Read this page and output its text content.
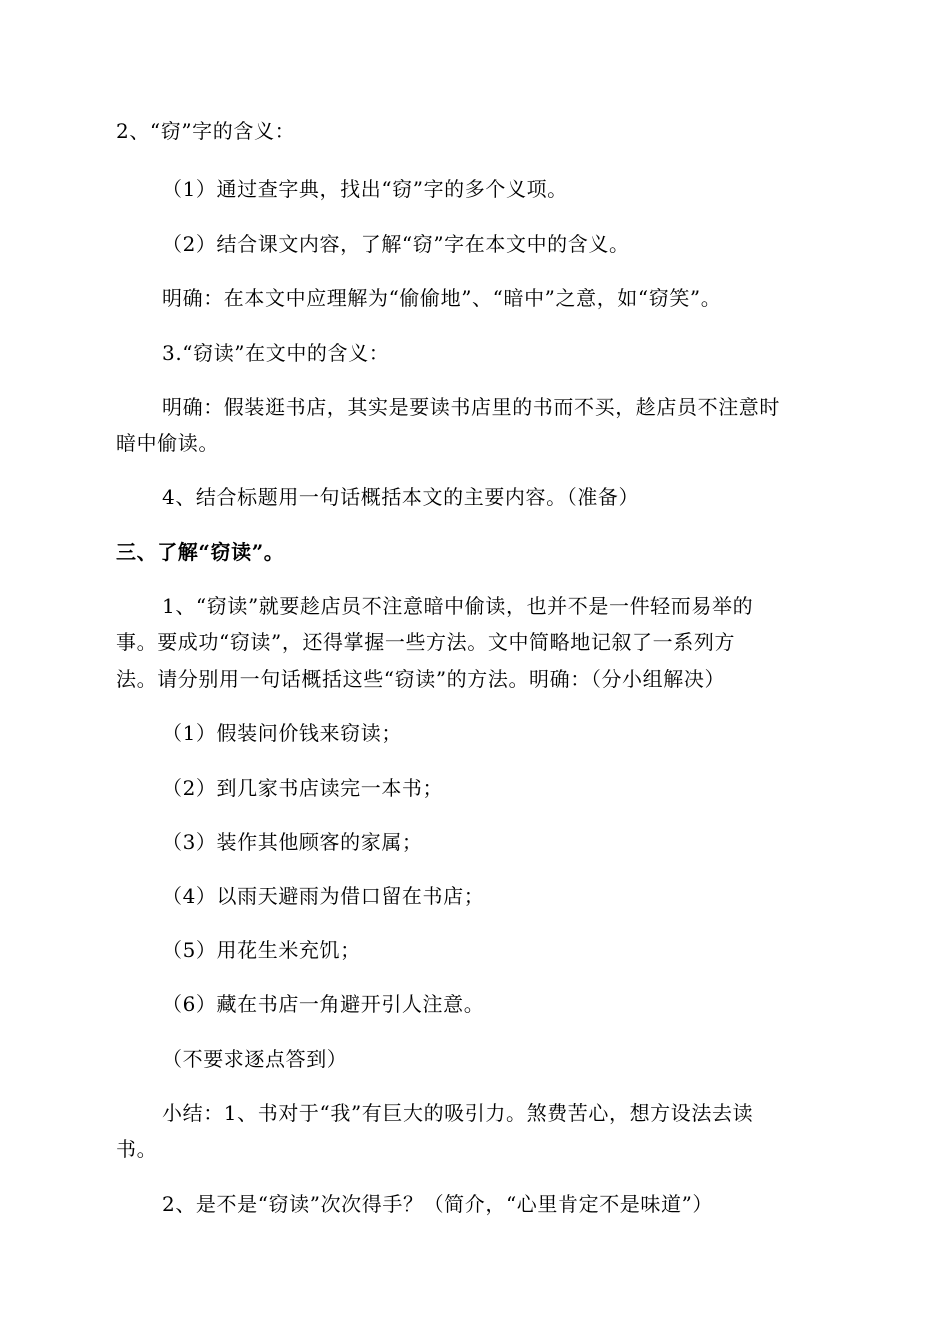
2、“窃”字的含义：
（1）通过查字典，找出“窃”字的多个义项。
（2）结合课文内容，了解“窃”字在本文中的含义。
明确：在本文中应理解为“偷偷地”、“暗中”之意，如“窃笑”。
3.“窃读”在文中的含义：
明确：假装逛书店，其实是要读书店里的书而不买，趁店员不注意时
暗中偷读。
4、结合标题用一句话概括本文的主要内容。（准备）
三、了解“窃读”。
1、“窃读”就要趁店员不注意暗中偷读，也并不是一件轻而易举的
事。要成功“窃读”，还得掌握一些方法。文中简略地记叙了一系列方
法。请分别用一句话概括这些“窃读”的方法。明确：（分小组解决）
（1）假装问价钱来窃读；
（2）到几家书店读完一本书；
（3）装作其他顾客的家属；
（4）以雨天避雨为借口留在书店；
（5）用花生米充饥；
（6）藏在书店一角避开引人注意。
（不要求逐点答到）
小结：1、书对于“我”有巨大的吸引力。煞费苦心，想方设法去读
书。
2、是不是“窃读”次次得手？（简介，“心里肯定不是味道”）
